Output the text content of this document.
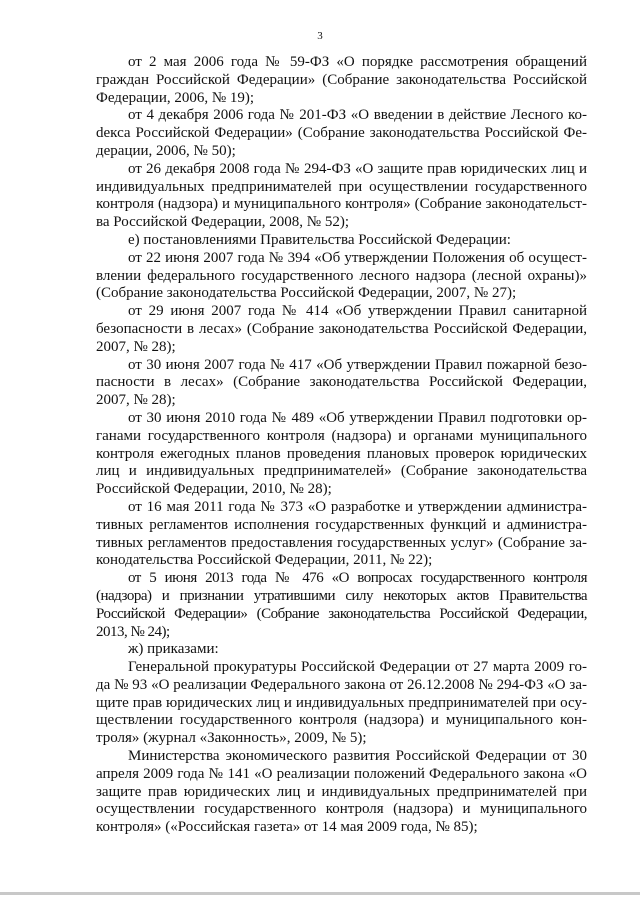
3

от 2 мая 2006 года № 59-ФЗ «О порядке рассмотрения обращений граждан Российской Федерации» (Собрание законодательства Российской Федерации, 2006, № 19);

от 4 декабря 2006 года № 201-ФЗ «О введении в действие Лесного коdекса Российской Федерации» (Собрание законодательства Российской Федерации, 2006, № 50);

от 26 декабря 2008 года № 294-ФЗ «О защите прав юридических лиц и индивидуальных предпринимателей при осуществлении государственного контроля (надзора) и муниципального контроля» (Собрание законодательства Российской Федерации, 2008, № 52);

е) постановлениями Правительства Российской Федерации:

от 22 июня 2007 года № 394 «Об утверждении Положения об осуществлении федерального государственного лесного надзора (лесной охраны)» (Собрание законодательства Российской Федерации, 2007, № 27);

от 29 июня 2007 года № 414 «Об утверждении Правил санитарной безопасности в лесах» (Собрание законодательства Российской Федерации, 2007, № 28);

от 30 июня 2007 года № 417 «Об утверждении Правил пожарной безопасности в лесах» (Собрание законодательства Российской Федерации, 2007, № 28);

от 30 июня 2010 года № 489 «Об утверждении Правил подготовки органами государственного контроля (надзора) и органами муниципального контроля ежегодных планов проведения плановых проверок юридических лиц и индивидуальных предпринимателей» (Собрание законодательства Российской Федерации, 2010, № 28);

от 16 мая 2011 года № 373 «О разработке и утверждении административных регламентов исполнения государственных функций и административных регламентов предоставления государственных услуг» (Собрание законодательства Российской Федерации, 2011, № 22);

от 5 июня 2013 года № 476 «О вопросах государственного контроля (надзора) и признании утратившими силу некоторых актов Правительства Российской Федерации» (Собрание законодательства Российской Федерации, 2013, № 24);

ж) приказами:

Генеральной прокуратуры Российской Федерации от 27 марта 2009 года № 93 «О реализации Федерального закона от 26.12.2008 № 294-ФЗ «О защите прав юридических лиц и индивидуальных предпринимателей при осуществлении государственного контроля (надзора) и муниципального контроля» (журнал «Законность», 2009, № 5);

Министерства экономического развития Российской Федерации от 30 апреля 2009 года № 141 «О реализации положений Федерального закона «О защите прав юридических лиц и индивидуальных предпринимателей при осуществлении государственного контроля (надзора) и муниципального контроля» («Российская газета» от 14 мая 2009 года, № 85);
